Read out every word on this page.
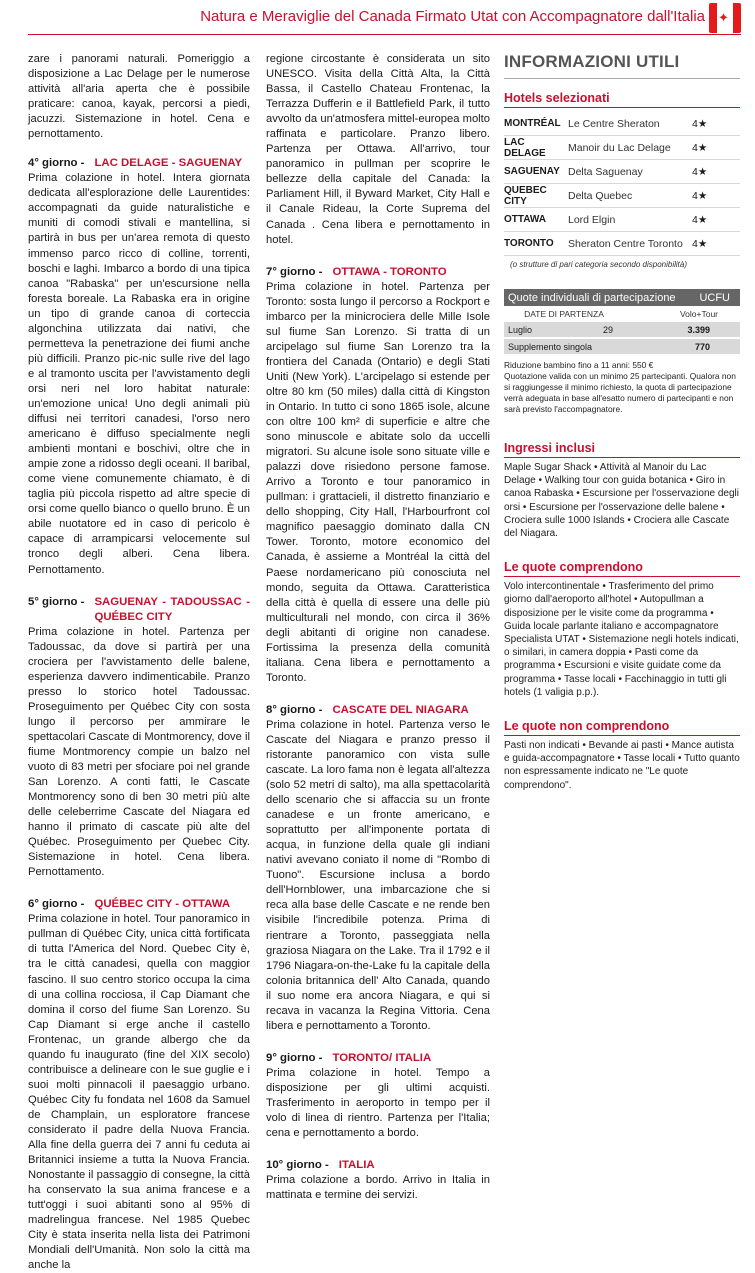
Natura e Meraviglie del Canada Firmato Utat con Accompagnatore dall'Italia ✦

zare i panorami naturali. Pomeriggio a disposizione a Lac Delage per le numerose attività all'aria aperta che è possibile praticare: canoa, kayak, percorsi a piedi, jacuzzi. Sistemazione in hotel. Cena e pernottamento.

4° giorno - LAC DELAGE - SAGUENAY

Prima colazione in hotel. Intera giornata dedicata all'esplorazione delle Laurentides: accompagnati da guide naturalistiche e muniti di comodi stivali e mantellina, si partirà in bus per un'area remota di questo immenso parco ricco di colline, torrenti, boschi e laghi. Imbarco a bordo di una tipica canoa "Rabaska" per un'escursione nella foresta boreale. La Rabaska era in origine un tipo di grande canoa di corteccia algonchina utilizzata dai nativi, che permetteva la penetrazione dei fiumi anche più difficili. Pranzo pic-nic sulle rive del lago e al tramonto uscita per l'avvistamento degli orsi neri nel loro habitat naturale: un'emozione unica! Uno degli animali più diffusi nei territori canadesi, l'orso nero americano è diffuso specialmente negli ambienti montani e boschivi, oltre che in ampie zone a ridosso degli oceani. Il baribal, come viene comunemente chiamato, è di taglia più piccola rispetto ad altre specie di orsi come quello bianco o quello bruno. È un abile nuotatore ed in caso di pericolo è capace di arrampicarsi velocemente sul tronco degli alberi. Cena libera. Pernottamento.

5° giorno - SAGUENAY - TADOUSSAC - QUÉBEC CITY

Prima colazione in hotel. Partenza per Tadoussac, da dove si partirà per una crociera per l'avvistamento delle balene, esperienza davvero indimenticabile. Pranzo presso lo storico hotel Tadoussac. Proseguimento per Québec City con sosta lungo il percorso per ammirare le spettacolari Cascate di Montmorency, dove il fiume Montmorency compie un balzo nel vuoto di 83 metri per sfociare poi nel grande San Lorenzo. A conti fatti, le Cascate Montmorency sono di ben 30 metri più alte delle celeberrime Cascate del Niagara ed hanno il primato di cascate più alte del Québec. Proseguimento per Quebec City. Sistemazione in hotel. Cena libera. Pernottamento.

6° giorno - QUÉBEC CITY - OTTAWA

Prima colazione in hotel. Tour panoramico in pullman di Québec City, unica città fortificata di tutta l'America del Nord. Quebec City è, tra le città canadesi, quella con maggior fascino. Il suo centro storico occupa la cima di una collina rocciosa, il Cap Diamant che domina il corso del fiume San Lorenzo. Su Cap Diamant si erge anche il castello Frontenac, un grande albergo che da quando fu inaugurato (fine del XIX secolo) contribuisce a delineare con le sue guglie e i suoi molti pinnacoli il paesaggio urbano. Québec City fu fondata nel 1608 da Samuel de Champlain, un esploratore francese considerato il padre della Nuova Francia. Alla fine della guerra dei 7 anni fu ceduta ai Britannici insieme a tutta la Nuova Francia. Nonostante il passaggio di consegne, la città ha conservato la sua anima francese e a tutt'oggi i suoi abitanti sono al 95% di madrelingua francese. Nel 1985 Quebec City è stata inserita nella lista dei Patrimoni Mondiali dell'Umanità. Non solo la città ma anche la

regione circostante è considerata un sito UNESCO. Visita della Città Alta, la Città Bassa, il Castello Chateau Frontenac, la Terrazza Dufferin e il Battlefield Park, il tutto avvolto da un'atmosfera mittel-europea molto raffinata e particolare. Pranzo libero. Partenza per Ottawa. All'arrivo, tour panoramico in pullman per scoprire le bellezze della capitale del Canada: la Parliament Hill, il Byward Market, City Hall e il Canale Rideau, la Corte Suprema del Canada . Cena libera e pernottamento in hotel.

7° giorno - OTTAWA - TORONTO

Prima colazione in hotel. Partenza per Toronto: sosta lungo il percorso a Rockport e imbarco per la minicrociera delle Mille Isole sul fiume San Lorenzo. Si tratta di un arcipelago sul fiume San Lorenzo tra la frontiera del Canada (Ontario) e degli Stati Uniti (New York). L'arcipelago si estende per oltre 80 km (50 miles) dalla città di Kingston in Ontario. In tutto ci sono 1865 isole, alcune con oltre 100 km² di superficie e altre che sono minuscole e abitate solo da uccelli migratori. Su alcune isole sono situate ville e palazzi dove risiedono persone famose. Arrivo a Toronto e tour panoramico in pullman: i grattacieli, il distretto finanziario e dello shopping, City Hall, l'Harbourfront col magnifico paesaggio dominato dalla CN Tower. Toronto, motore economico del Canada, è assieme a Montréal la città del Paese nordamericano più conosciuta nel mondo, seguita da Ottawa. Caratteristica della città è quella di essere una delle più multiculturali nel mondo, con circa il 36% degli abitanti di origine non canadese. Fortissima la presenza della comunità italiana. Cena libera e pernottamento a Toronto.

8° giorno - CASCATE DEL NIAGARA

Prima colazione in hotel. Partenza verso le Cascate del Niagara e pranzo presso il ristorante panoramico con vista sulle cascate. La loro fama non è legata all'altezza (solo 52 metri di salto), ma alla spettacolarità dello scenario che si affaccia su un fronte canadese e un fronte americano, e soprattutto per all'imponente portata di acqua, in funzione della quale gli indiani nativi avevano coniato il nome di "Rombo di Tuono". Escursione inclusa a bordo dell'Hornblower, una imbarcazione che si reca alla base delle Cascate e ne rende ben visibile l'incredibile potenza. Prima di rientrare a Toronto, passeggiata nella graziosa Niagara on the Lake. Tra il 1792 e il 1796 Niagara-on-the-Lake fu la capitale della colonia britannica dell' Alto Canada, quando il suo nome era ancora Niagara, e qui si recava in vacanza la Regina Vittoria. Cena libera e pernottamento a Toronto.

9° giorno - TORONTO/ ITALIA

Prima colazione in hotel. Tempo a disposizione per gli ultimi acquisti. Trasferimento in aeroporto in tempo per il volo di linea di rientro. Partenza per l'Italia; cena e pernottamento a bordo.

10° giorno - ITALIA

Prima colazione a bordo. Arrivo in Italia in mattinata e termine dei servizi.

INFORMAZIONI UTILI
Hotels selezionati
MONTRÉAL Le Centre Sheraton	4★
LAC DELAGE	Manoir du Lac Delage	4★
SAGUENAY Delta Saguenay	4★
QUEBEC CITY	Delta Quebec	4★
OTTAWA	Lord Elgin	4★
TORONTO	Sheraton Centre Toronto 4★
(o strutture di pari categoria secondo disponibilità)
Quote individuali di partecipazione UCFU
DATE DI PARTENZA	Volo+Tour
Luglio	29	3.399
Supplemento singola	770
Riduzione bambino fino a 11 anni: 550 €
Quotazione valida con un minimo 25 partecipanti. Qualora non si raggiungesse il minimo richiesto, la quota di partecipazione verrà adeguata in base all'esatto numero di partecipanti e non sarà previsto l'accompagnatore.
Ingressi inclusi
Maple Sugar Shack • Attività al Manoir du Lac Delage • Walking tour con guida botanica • Giro in canoa Rabaska • Escursione per l'osservazione degli orsi • Escursione per l'osservazione delle balene • Crociera sulle 1000 Islands • Crociera alle Cascate del Niagara.
Le quote comprendono
Volo intercontinentale • Trasferimento del primo giorno dall'aeroporto all'hotel • Autopullman a disposizione per le visite come da programma • Guida locale parlante italiano e accompagnatore Specialista UTAT • Sistemazione negli hotels indicati, o similari, in camera doppia • Pasti come da programma • Escursioni e visite guidate come da programma • Tasse locali • Facchinaggio in tutti gli hotels (1 valigia p.p.).
Le quote non comprendono
Pasti non indicati • Bevande ai pasti • Mance autista e guida-accompagnatore • Tasse locali • Tutto quanto non espressamente indicato ne "Le quote comprendono".
